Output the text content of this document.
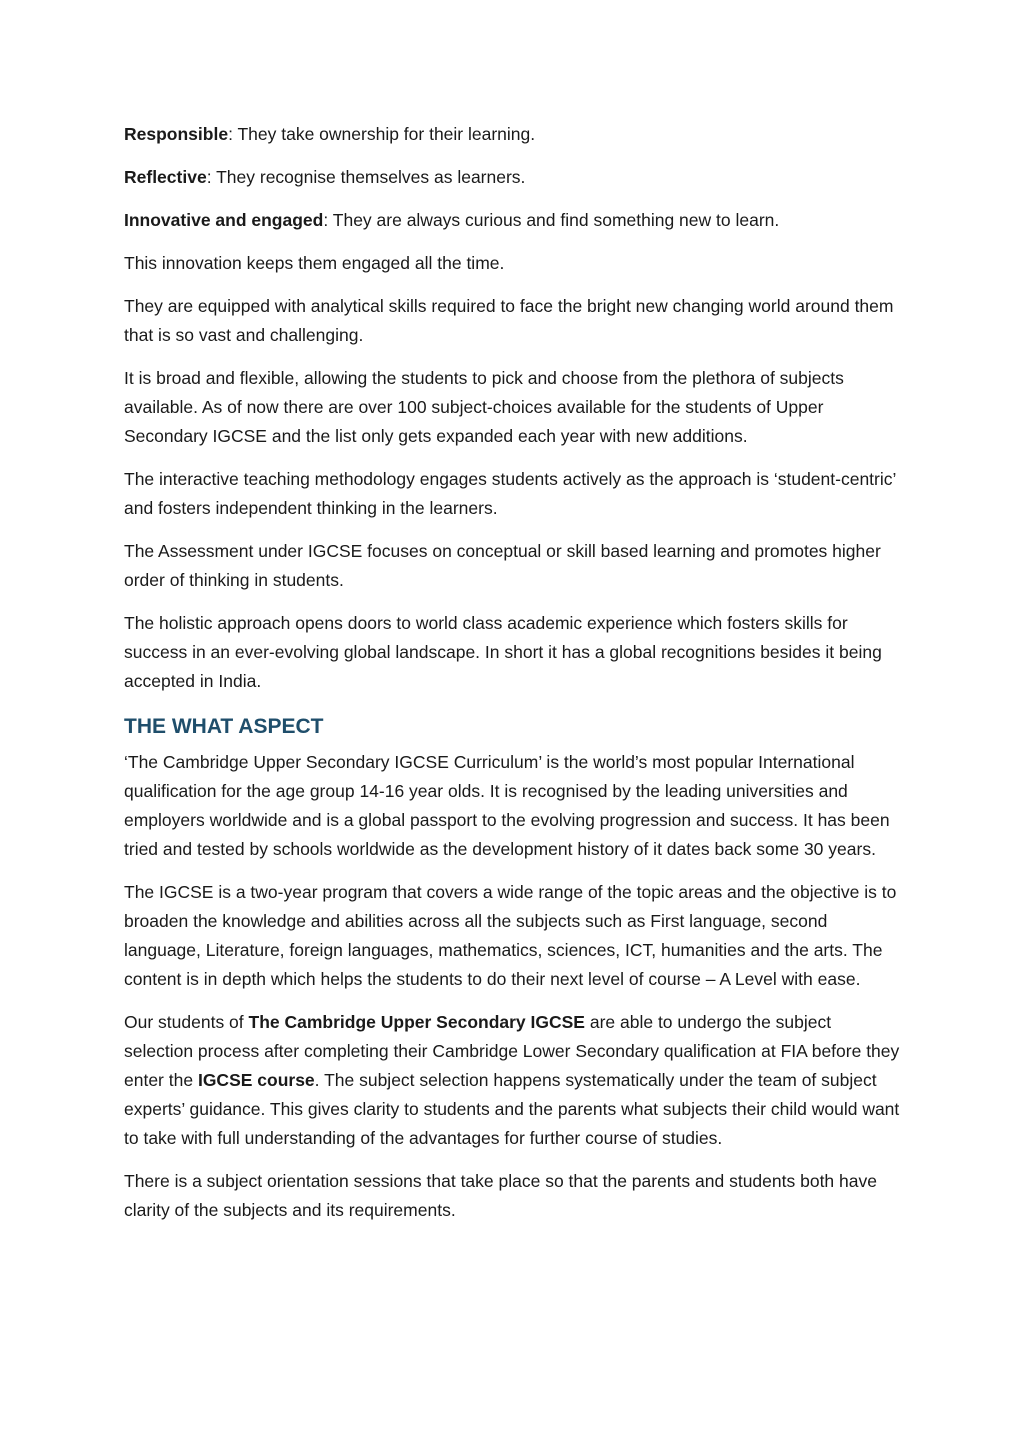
Responsible: They take ownership for their learning.

Reflective: They recognise themselves as learners.

Innovative and engaged: They are always curious and find something new to learn.

This innovation keeps them engaged all the time.

They are equipped with analytical skills required to face the bright new changing world around them that is so vast and challenging.

It is broad and flexible, allowing the students to pick and choose from the plethora of subjects available. As of now there are over 100 subject-choices available for the students of Upper Secondary IGCSE and the list only gets expanded each year with new additions.

The interactive teaching methodology engages students actively as the approach is ‘student-centric’ and fosters independent thinking in the learners.

The Assessment under IGCSE focuses on conceptual or skill based learning and promotes higher order of thinking in students.

The holistic approach opens doors to world class academic experience which fosters skills for success in an ever-evolving global landscape. In short it has a global recognitions besides it being accepted in India.

THE WHAT ASPECT

‘The Cambridge Upper Secondary IGCSE Curriculum’ is the world’s most popular International qualification for the age group 14-16 year olds. It is recognised by the leading universities and employers worldwide and is a global passport to the evolving progression and success. It has been tried and tested by schools worldwide as the development history of it dates back some 30 years.

The IGCSE is a two-year program that covers a wide range of the topic areas and the objective is to broaden the knowledge and abilities across all the subjects such as First language, second language, Literature, foreign languages, mathematics, sciences, ICT, humanities and the arts. The content is in depth which helps the students to do their next level of course – A Level with ease.

Our students of The Cambridge Upper Secondary IGCSE are able to undergo the subject selection process after completing their Cambridge Lower Secondary qualification at FIA before they enter the IGCSE course. The subject selection happens systematically under the team of subject experts’ guidance. This gives clarity to students and the parents what subjects their child would want to take with full understanding of the advantages for further course of studies.

There is a subject orientation sessions that take place so that the parents and students both have clarity of the subjects and its requirements.
